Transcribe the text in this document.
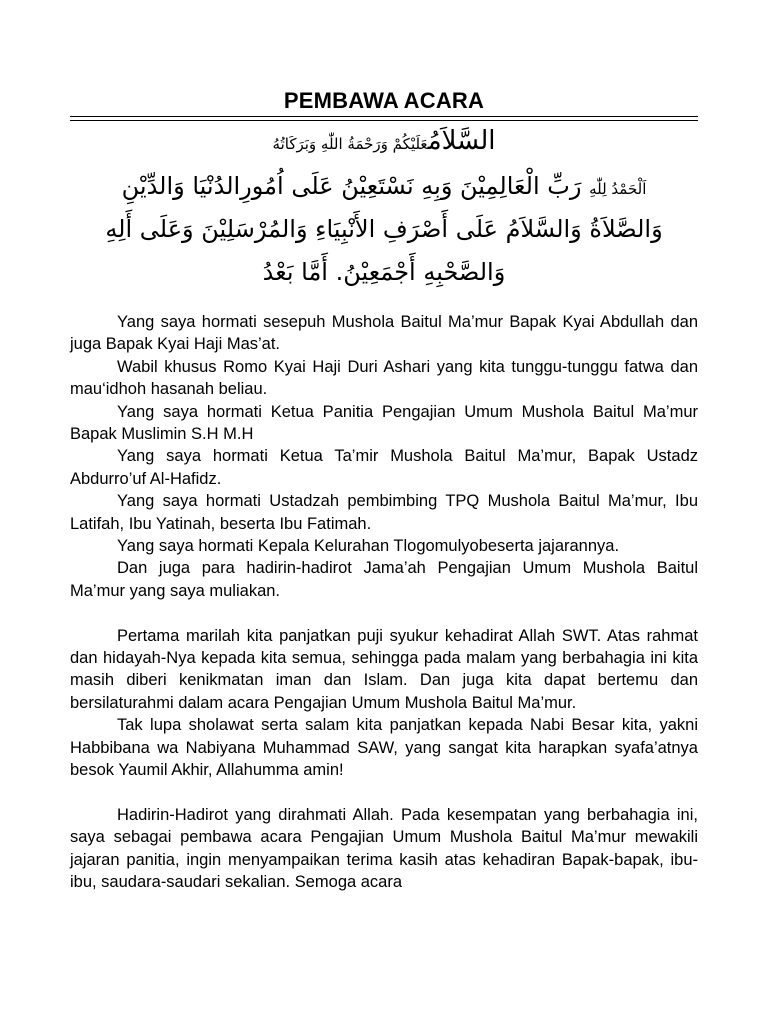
PEMBAWA ACARA
السَّلاَمُعَلَيْكُمْ وَرَحْمَةُ اللّٰهِ وَبَرَكَاتُهُ
اَلْحَمْدُ لِلّٰهِ رَبِّ الْعَالِمِيْنَ وَبِهِ نَسْتَعِيْنُ عَلَى اُمُورِالدُنْيَا وَالدِّيْنِ
وَالصَّلاَةُ وَالسَّلاَمُ عَلَى أَصْرَفِ الأَنْبِيَاءِ وَالمُرْسَلِيْنَ وَعَلَى أَلِهِ
وَالصَّحْبِهِ أَجْمَعِيْنُ. أَمَّا بَعْدُ

Yang saya hormati sesepuh Mushola Baitul Ma’mur Bapak Kyai Abdullah dan juga Bapak Kyai Haji Mas’at.

Wabil khusus Romo Kyai Haji Duri Ashari yang kita tunggu-tunggu fatwa dan mau‘idhoh hasanah beliau.

Yang saya hormati Ketua Panitia Pengajian Umum Mushola Baitul Ma’mur Bapak Muslimin S.H M.H

Yang saya hormati Ketua Ta’mir Mushola Baitul Ma’mur, Bapak Ustadz Abdurro’uf Al-Hafidz.

Yang saya hormati Ustadzah pembimbing TPQ Mushola Baitul Ma’mur, Ibu Latifah, Ibu Yatinah, beserta Ibu Fatimah.

Yang saya hormati Kepala Kelurahan Tlogomulyobeserta jajarannya.

Dan juga para hadirin-hadirot Jama’ah Pengajian Umum Mushola Baitul Ma’mur yang saya muliakan.

Pertama marilah kita panjatkan puji syukur kehadirat Allah SWT. Atas rahmat dan hidayah-Nya kepada kita semua, sehingga pada malam yang berbahagia ini kita masih diberi kenikmatan iman dan Islam. Dan juga kita dapat bertemu dan bersilaturahmi dalam acara Pengajian Umum Mushola Baitul Ma’mur.

Tak lupa sholawat serta salam kita panjatkan kepada Nabi Besar kita, yakni Habbibana wa Nabiyana Muhammad SAW, yang sangat kita harapkan syafa’atnya besok Yaumil Akhir, Allahumma amin!

Hadirin-Hadirot yang dirahmati Allah. Pada kesempatan yang berbahagia ini, saya sebagai pembawa acara Pengajian Umum Mushola Baitul Ma’mur mewakili jajaran panitia, ingin menyampaikan terima kasih atas kehadiran Bapak-bapak, ibu-ibu, saudara-saudari sekalian. Semoga acara
